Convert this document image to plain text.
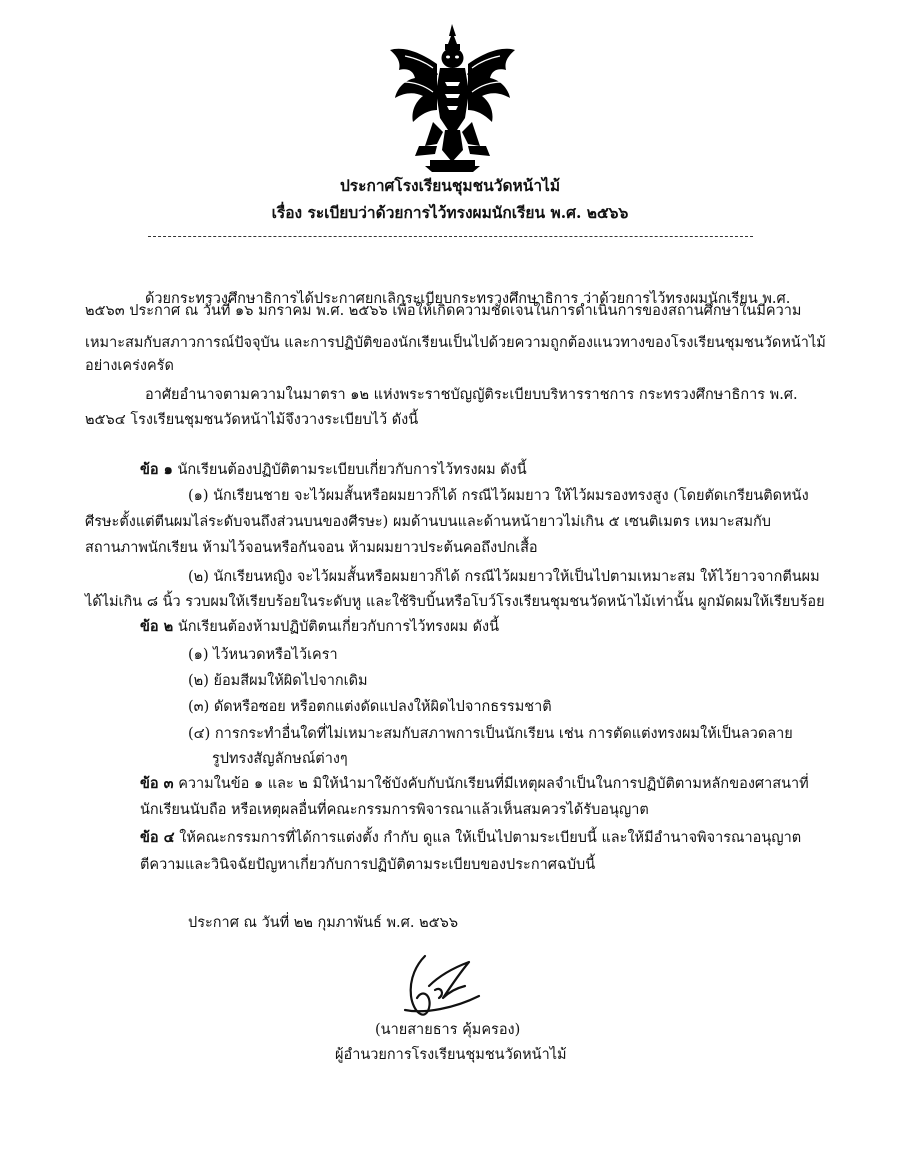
ประกาศโรงเรียนชุมชนวัดหน้าไม้
เรื่อง ระเบียบว่าด้วยการไว้ทรงผมนักเรียน พ.ศ. ๒๕๖๖
ด้วยกระทรวงศึกษาธิการได้ประกาศยกเลิกระเบียบกระทรวงศึกษาธิการ ว่าด้วยการไว้ทรงผมนักเรียน พ.ศ.
๒๕๖๓ ประกาศ ณ วันที่ ๑๖ มกราคม พ.ศ. ๒๕๖๖ เพื่อให้เกิดความชัดเจนในการดำเนินการของสถานศึกษาในมีความ
เหมาะสมกับสภาวการณ์ปัจจุบัน และการปฏิบัติของนักเรียนเป็นไปด้วยความถูกต้องแนวทางของโรงเรียนชุมชนวัดหน้าไม้
อย่างเคร่งครัด
อาศัยอำนาจตามความในมาตรา ๑๒ แห่งพระราชบัญญัติระเบียบบริหารราชการ กระทรวงศึกษาธิการ พ.ศ.
๒๕๖๔ โรงเรียนชุมชนวัดหน้าไม้จึงวางระเบียบไว้ ดังนี้
ข้อ ๑ นักเรียนต้องปฏิบัติตามระเบียบเกี่ยวกับการไว้ทรงผม ดังนี้
(๑) นักเรียนชาย จะไว้ผมสั้นหรือผมยาวก็ได้ กรณีไว้ผมยาว ให้ไว้ผมรองทรงสูง (โดยตัดเกรียนติดหนัง
ศีรษะตั้งแต่ตีนผมไล่ระดับจนถึงส่วนบนของศีรษะ) ผมด้านบนและด้านหน้ายาวไม่เกิน ๕ เซนติเมตร เหมาะสมกับ
สถานภาพนักเรียน ห้ามไว้จอนหรือกันจอน ห้ามผมยาวประต้นคอถึงปกเสื้อ
(๒) นักเรียนหญิง จะไว้ผมสั้นหรือผมยาวก็ได้ กรณีไว้ผมยาวให้เป็นไปตามเหมาะสม ให้ไว้ยาวจากตีนผม
ได้ไม่เกิน ๘ นิ้ว รวบผมให้เรียบร้อยในระดับหู และใช้ริบบิ้นหรือโบว์โรงเรียนชุมชนวัดหน้าไม้เท่านั้น ผูกมัดผมให้เรียบร้อย
ข้อ ๒ นักเรียนต้องห้ามปฏิบัติตนเกี่ยวกับการไว้ทรงผม ดังนี้
(๑) ไว้หนวดหรือไว้เครา
(๒) ย้อมสีผมให้ผิดไปจากเดิม
(๓) ดัดหรือซอย หรือตกแต่งดัดแปลงให้ผิดไปจากธรรมชาติ
(๔) การกระทำอื่นใดที่ไม่เหมาะสมกับสภาพการเป็นนักเรียน เช่น การตัดแต่งทรงผมให้เป็นลวดลาย
รูปทรงสัญลักษณ์ต่างๆ
ข้อ ๓ ความในข้อ ๑ และ ๒ มิให้นำมาใช้บังคับกับนักเรียนที่มีเหตุผลจำเป็นในการปฏิบัติตามหลักของศาสนาที่
นักเรียนนับถือ หรือเหตุผลอื่นที่คณะกรรมการพิจารณาแล้วเห็นสมควรได้รับอนุญาต
ข้อ ๔ ให้คณะกรรมการที่ได้การแต่งตั้ง กำกับ ดูแล ให้เป็นไปตามระเบียบนี้ และให้มีอำนาจพิจารณาอนุญาต
ตีความและวินิจฉัยปัญหาเกี่ยวกับการปฏิบัติตามระเบียบของประกาศฉบับนี้
ประกาศ ณ วันที่ ๒๒ กุมภาพันธ์ พ.ศ. ๒๕๖๖
(นายสายธาร คุ้มครอง)
ผู้อำนวยการโรงเรียนชุมชนวัดหน้าไม้
